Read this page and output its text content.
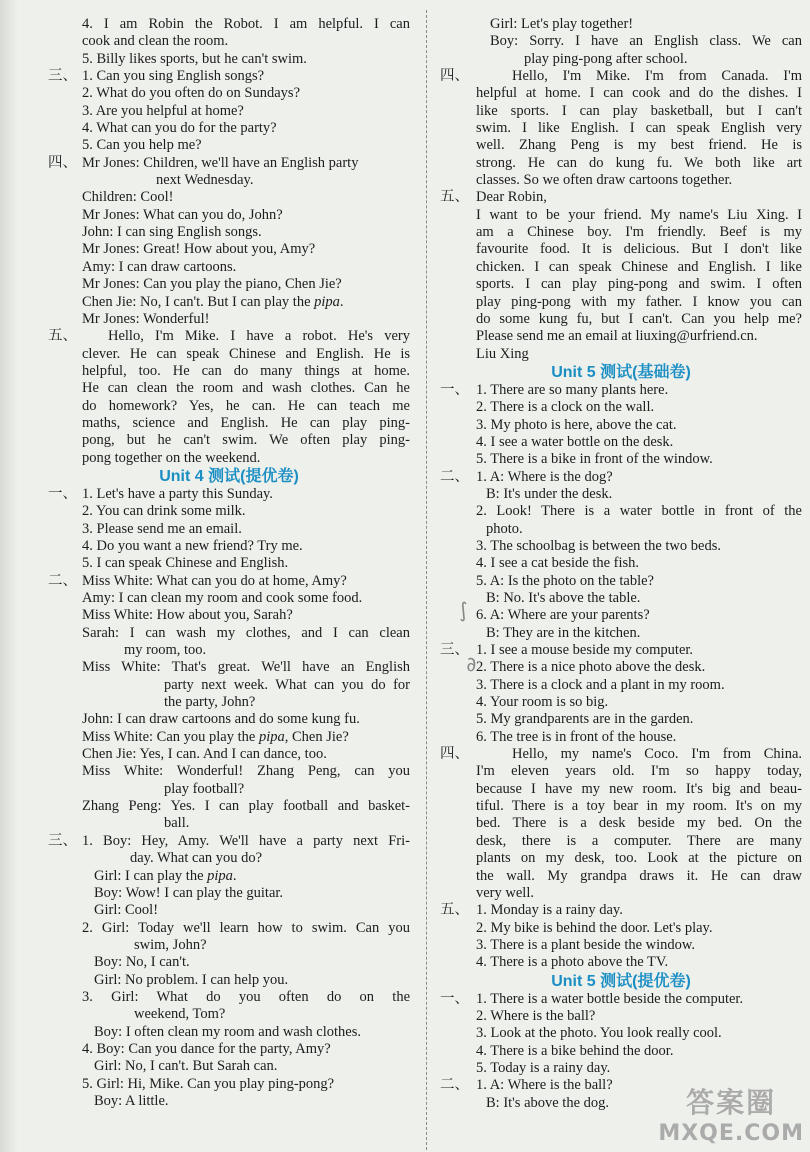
4. I am Robin the Robot. I am helpful. I can
cook and clean the room.
5. Billy likes sports, but he can't swim.
三、 1. Can you sing English songs?
2. What do you often do on Sundays?
3. Are you helpful at home?
4. What can you do for the party?
5. Can you help me?
四、 Mr Jones: Children, we'll have an English party
next Wednesday.
Children: Cool!
Mr Jones: What can you do, John?
John: I can sing English songs.
Mr Jones: Great! How about you, Amy?
Amy: I can draw cartoons.
Mr Jones: Can you play the piano, Chen Jie?
Chen Jie: No, I can't. But I can play the pipa.
Mr Jones: Wonderful!
五、 Hello, I'm Mike. I have a robot. He's very
clever. He can speak Chinese and English. He is
helpful, too. He can do many things at home.
He can clean the room and wash clothes. Can he
do homework? Yes, he can. He can teach me
maths, science and English. He can play ping-
pong, but he can't swim. We often play ping-
pong together on the weekend.
Unit 4 测试(提优卷)
一、 1. Let's have a party this Sunday.
2. You can drink some milk.
3. Please send me an email.
4. Do you want a new friend? Try me.
5. I can speak Chinese and English.
二、 Miss White: What can you do at home, Amy?
Amy: I can clean my room and cook some food.
Miss White: How about you, Sarah?
Sarah: I can wash my clothes, and I can clean
my room, too.
Miss White: That's great. We'll have an English
party next week. What can you do for
the party, John?
John: I can draw cartoons and do some kung fu.
Miss White: Can you play the pipa, Chen Jie?
Chen Jie: Yes, I can. And I can dance, too.
Miss White: Wonderful! Zhang Peng, can you
play football?
Zhang Peng: Yes. I can play football and basket-
ball.
三、 1. Boy: Hey, Amy. We'll have a party next Fri-
day. What can you do?
Girl: I can play the pipa.
Boy: Wow! I can play the guitar.
Girl: Cool!
2. Girl: Today we'll learn how to swim. Can you
swim, John?
Boy: No, I can't.
Girl: No problem. I can help you.
3. Girl: What do you often do on the
weekend, Tom?
Boy: I often clean my room and wash clothes.
4. Boy: Can you dance for the party, Amy?
Girl: No, I can't. But Sarah can.
5. Girl: Hi, Mike. Can you play ping-pong?
Boy: A little.
Girl: Let's play together!
Boy: Sorry. I have an English class. We can
play ping-pong after school.
四、	Hello, I'm Mike. I'm from Canada. I'm
helpful at home. I can cook and do the dishes. I
like sports. I can play basketball, but I can't
swim. I like English. I can speak English very
well. Zhang Peng is my best friend. He is
strong. He can do kung fu. We both like art
classes. So we often draw cartoons together.
五、 Dear Robin,
I want to be your friend. My name's Liu Xing. I
am a Chinese boy. I'm friendly. Beef is my
favourite food. It is delicious. But I don't like
chicken. I can speak Chinese and English. I like
sports. I can play ping-pong and swim. I often
play ping-pong with my father. I know you can
do some kung fu, but I can't. Can you help me?
Please send me an email at liuxing@urfriend.cn.
Liu Xing
Unit 5 测试(基础卷)
一、 1. There are so many plants here.
2. There is a clock on the wall.
3. My photo is here, above the cat.
4. I see a water bottle on the desk.
5. There is a bike in front of the window.
二、 1. A: Where is the dog?
B: It's under the desk.
2. Look! There is a water bottle in front of the
photo.
3. The schoolbag is between the two beds.
4. I see a cat beside the fish.
5. A: Is the photo on the table?
B: No. It's above the table.
6. A: Where are your parents?
B: They are in the kitchen.
三、 1. I see a mouse beside my computer.
2. There is a nice photo above the desk.
3. There is a clock and a plant in my room.
4. Your room is so big.
5. My grandparents are in the garden.
6. The tree is in front of the house.
四、	Hello, my name's Coco. I'm from China.
I'm eleven years old. I'm so happy today,
because I have my new room. It's big and beau-
tiful. There is a toy bear in my room. It's on my
bed. There is a desk beside my bed. On the
desk, there is a computer. There are many
plants on my desk, too. Look at the picture on
the wall. My grandpa draws it. He can draw
very well.
五、 1. Monday is a rainy day.
2. My bike is behind the door. Let's play.
3. There is a plant beside the window.
4. There is a photo above the TV.
Unit 5 测试(提优卷)
一、 1. There is a water bottle beside the computer.
2. Where is the ball?
3. Look at the photo. You look really cool.
4. There is a bike behind the door.
5. Today is a rainy day.
二、 1. A: Where is the ball?
B: It's above the dog.
∫
∂
答案圈
MXQE.COM
